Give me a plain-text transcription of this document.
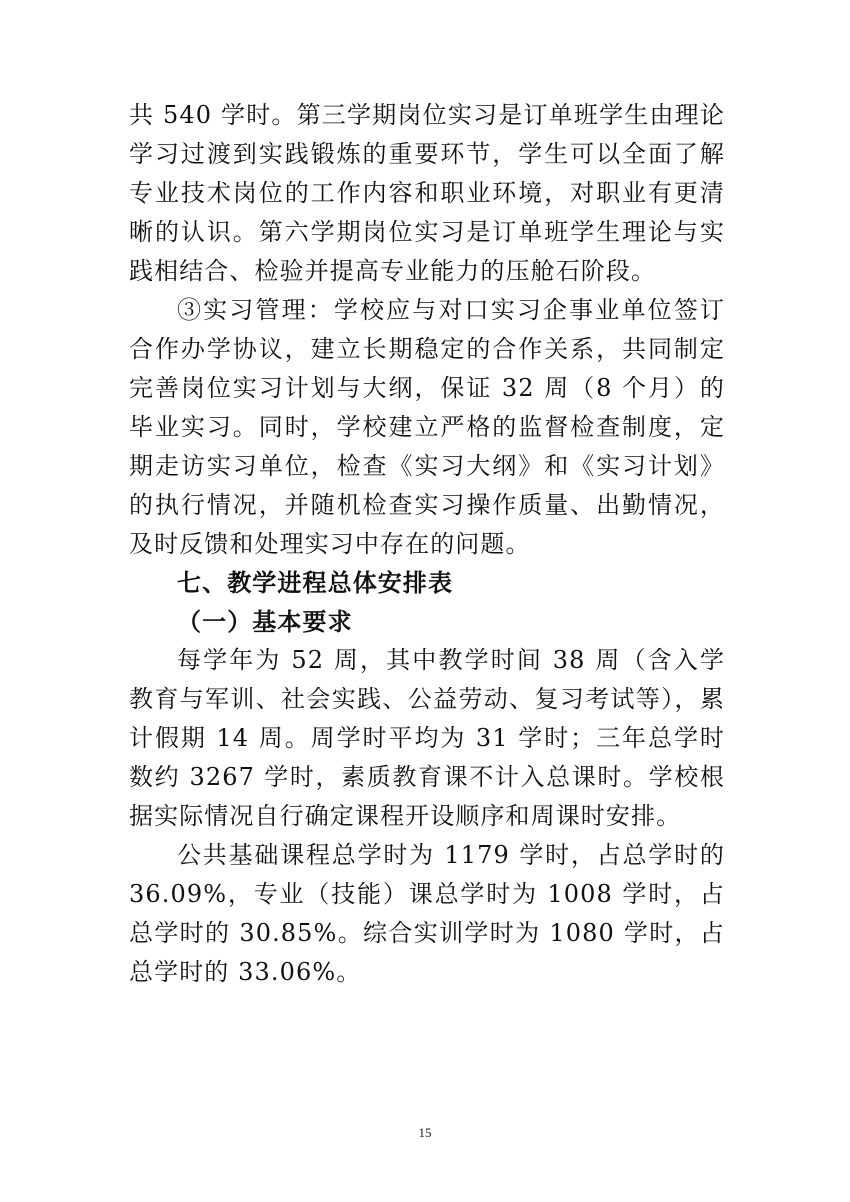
共 540 学时。第三学期岗位实习是订单班学生由理论学习过渡到实践锻炼的重要环节，学生可以全面了解专业技术岗位的工作内容和职业环境，对职业有更清晰的认识。第六学期岗位实习是订单班学生理论与实践相结合、检验并提高专业能力的压舱石阶段。

③实习管理：学校应与对口实习企事业单位签订合作办学协议，建立长期稳定的合作关系，共同制定完善岗位实习计划与大纲，保证 32 周（8 个月）的毕业实习。同时，学校建立严格的监督检查制度，定期走访实习单位，检查《实习大纲》和《实习计划》的执行情况，并随机检查实习操作质量、出勤情况，及时反馈和处理实习中存在的问题。

七、教学进程总体安排表
（一）基本要求

每学年为 52 周，其中教学时间 38 周（含入学教育与军训、社会实践、公益劳动、复习考试等），累计假期 14 周。周学时平均为 31 学时；三年总学时数约 3267 学时，素质教育课不计入总课时。学校根据实际情况自行确定课程开设顺序和周课时安排。

公共基础课程总学时为 1179 学时，占总学时的 36.09%，专业（技能）课总学时为 1008 学时，占总学时的 30.85%。综合实训学时为 1080 学时，占总学时的 33.06%。

15
